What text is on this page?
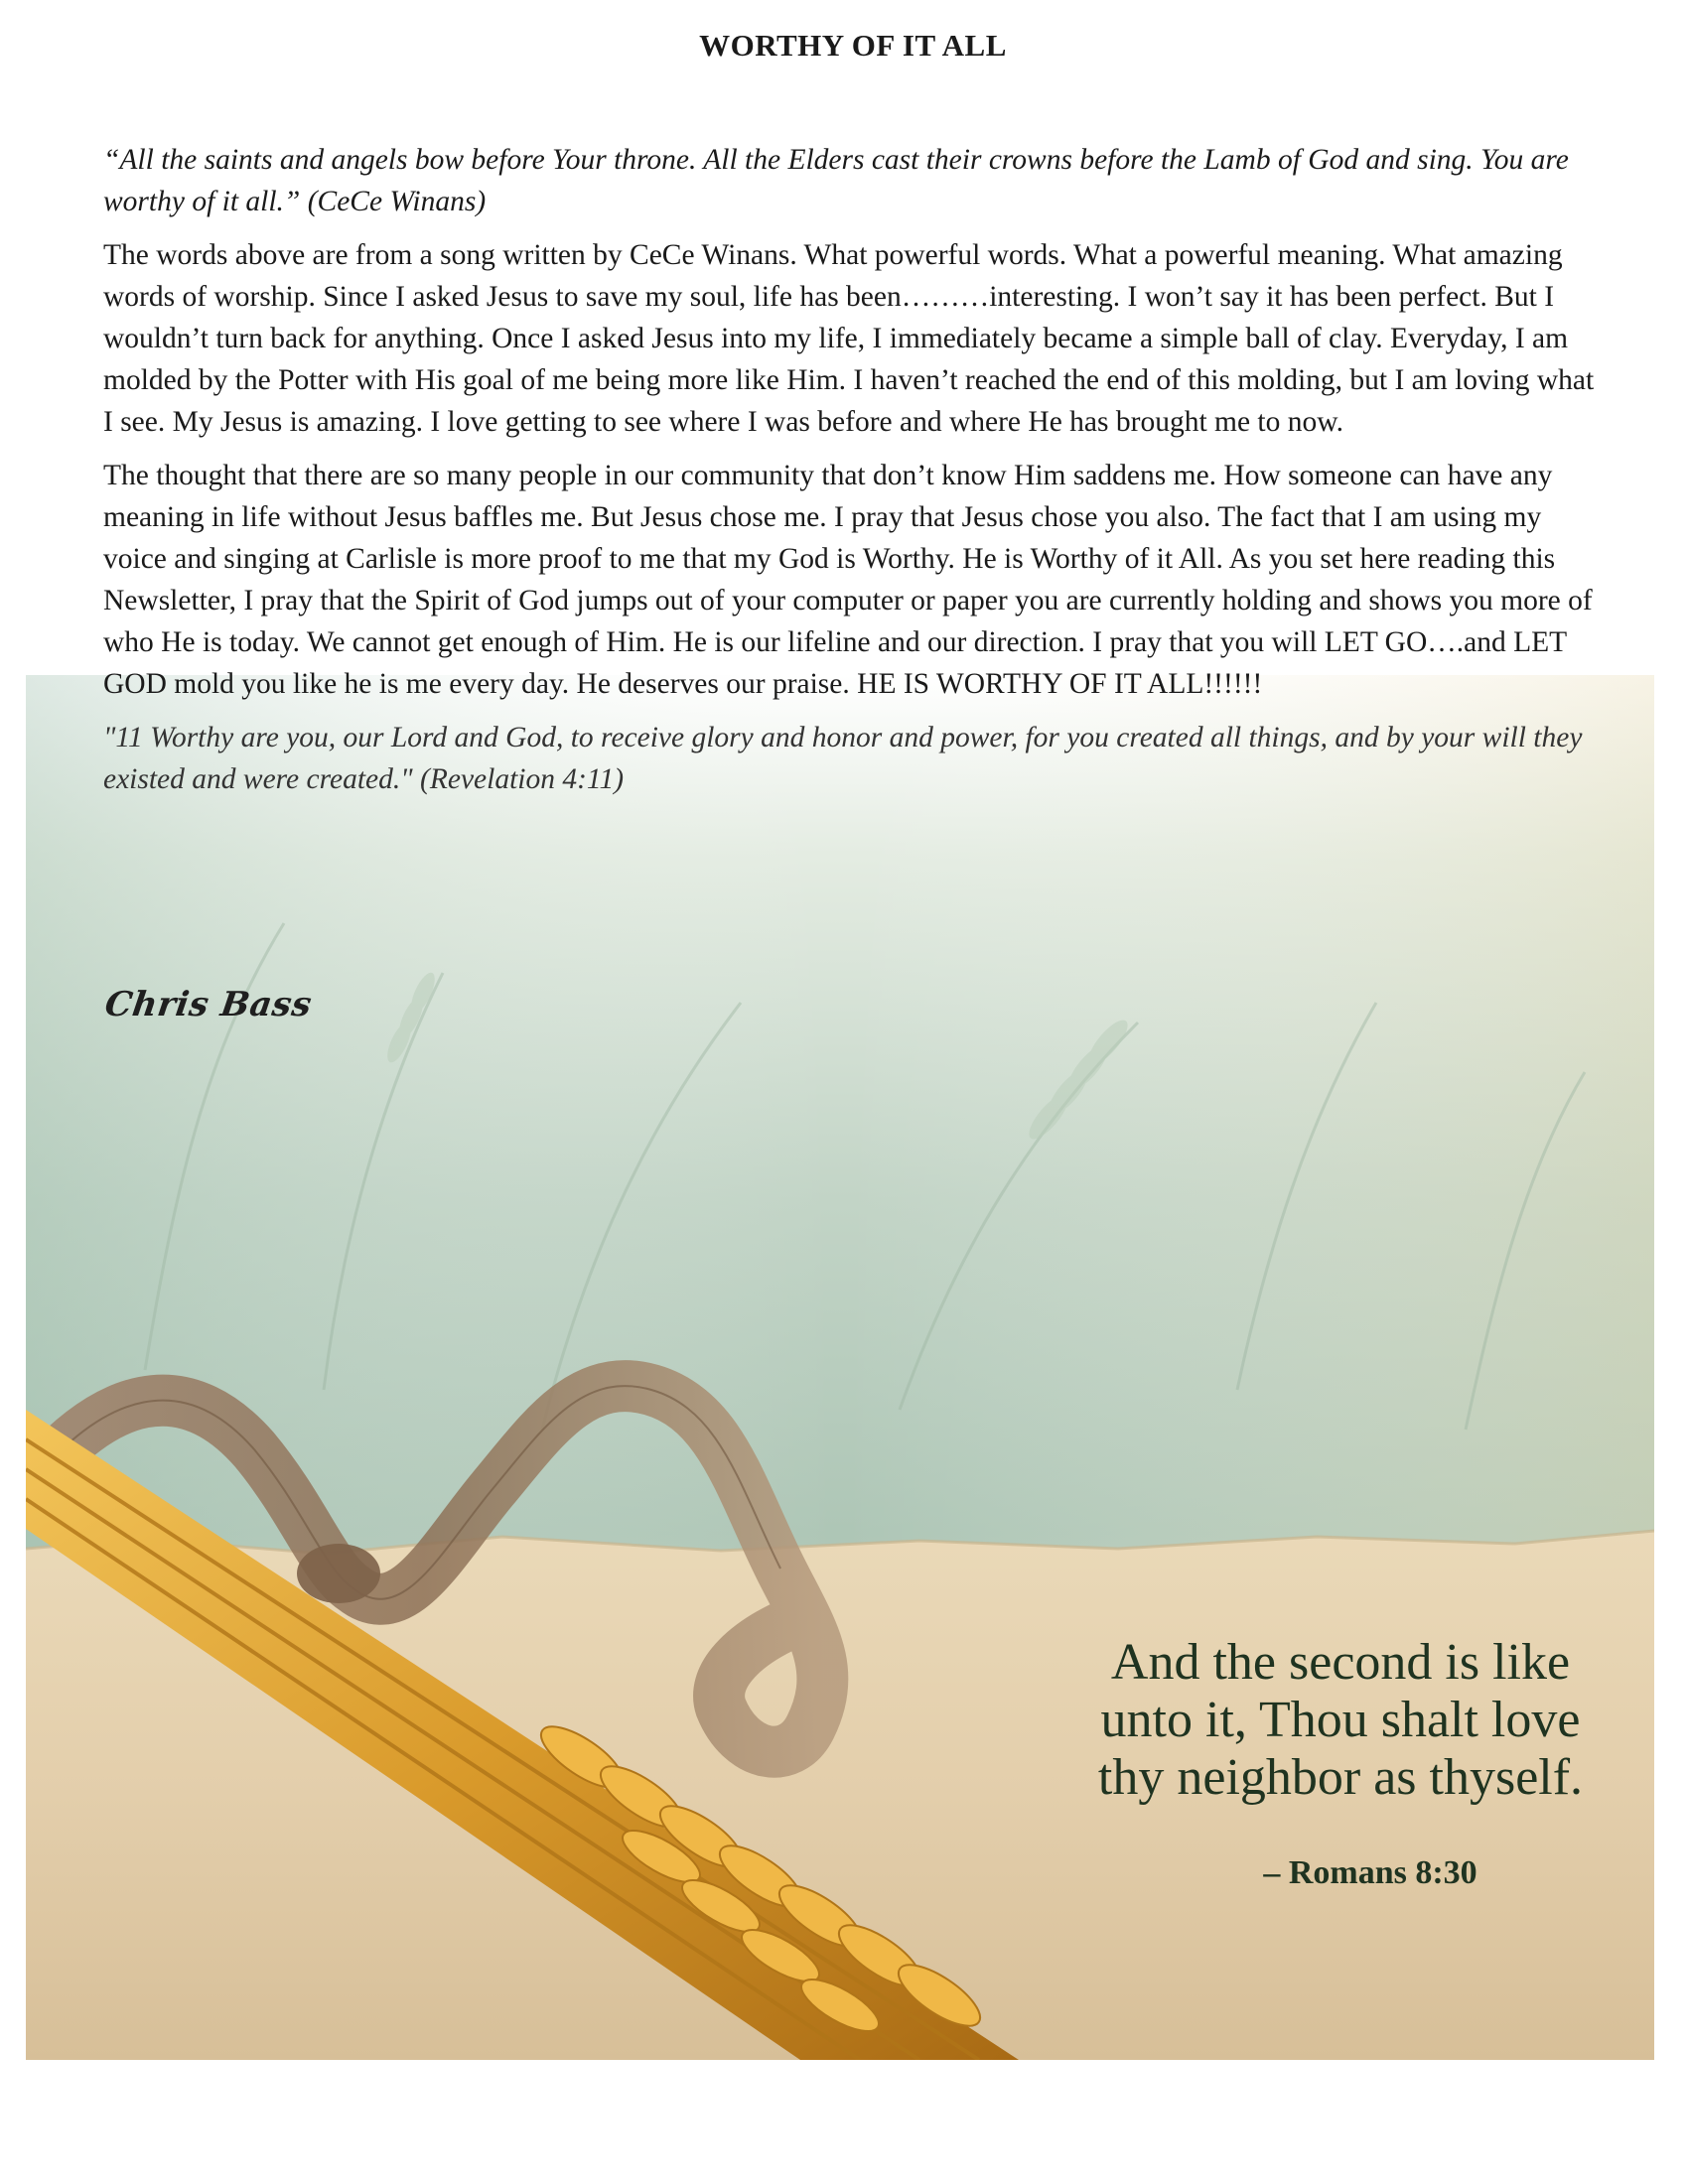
WORTHY OF IT ALL

“All the saints and angels bow before Your throne. All the Elders cast their crowns before the Lamb of God and sing. You are worthy of it all.” (CeCe Winans)

The words above are from a song written by CeCe Winans. What powerful words. What a powerful meaning. What amazing words of worship. Since I asked Jesus to save my soul, life has been………interesting. I won’t say it has been perfect. But I wouldn’t turn back for anything. Once I asked Jesus into my life, I immediately became a simple ball of clay. Everyday, I am molded by the Potter with His goal of me being more like Him. I haven’t reached the end of this molding, but I am loving what I see. My Jesus is amazing. I love getting to see where I was before and where He has brought me to now.

The thought that there are so many people in our community that don’t know Him saddens me. How someone can have any meaning in life without Jesus baffles me. But Jesus chose me. I pray that Jesus chose you also. The fact that I am using my voice and singing at Carlisle is more proof to me that my God is Worthy. He is Worthy of it All. As you set here reading this Newsletter, I pray that the Spirit of God jumps out of your computer or paper you are currently holding and shows you more of who He is today. We cannot get enough of Him. He is our lifeline and our direction. I pray that you will LET GO….and LET GOD mold you like he is me every day. He deserves our praise. HE IS WORTHY OF IT ALL!!!!!!

"11 Worthy are you, our Lord and God, to receive glory and honor and power, for you created all things, and by your will they existed and were created." (Revelation 4:11)

Chris Bass

And the second is like unto it, Thou shalt love thy neighbor as thyself.

– Romans 8:30
